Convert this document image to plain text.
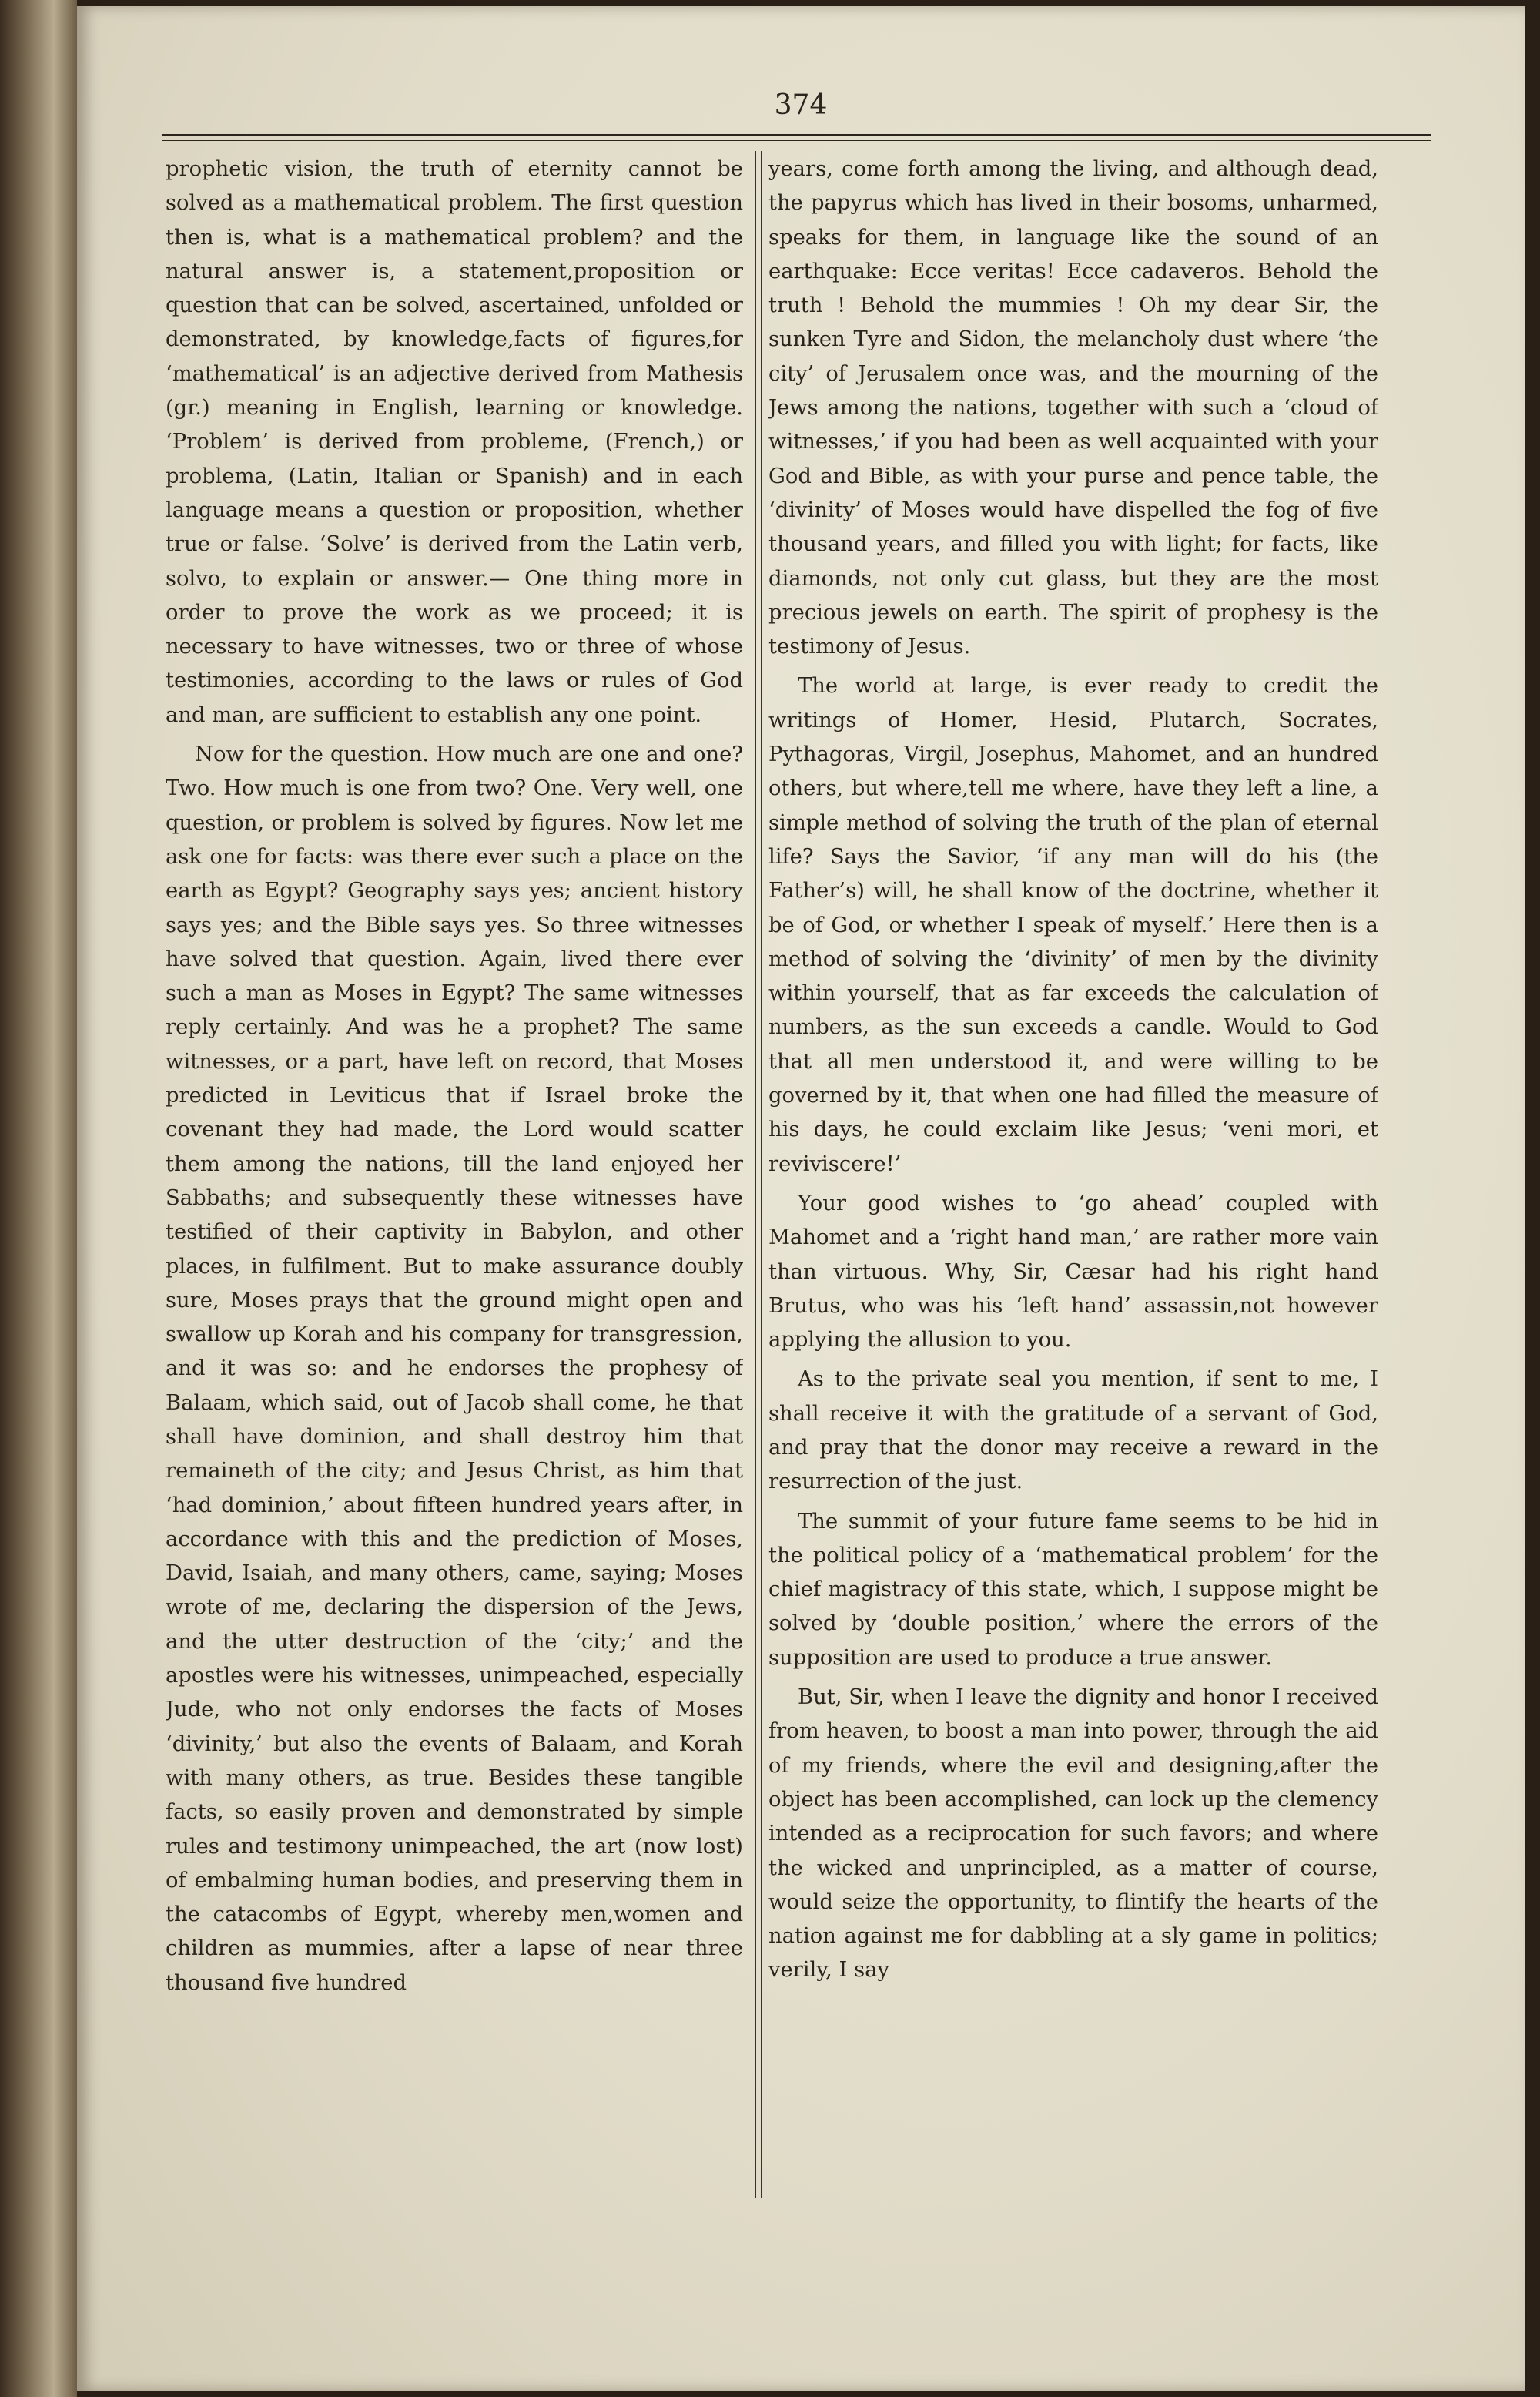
374

prophetic vision, the truth of eternity cannot be solved as a mathematical problem. The first question then is, what is a mathematical problem? and the natural answer is, a statement,proposition or question that can be solved, ascertained, unfolded or demonstrated, by knowledge,facts of figures,for ‘mathematical’ is an adjective derived from Mathesis (gr.) meaning in English, learning or knowledge. ‘Problem’ is derived from probleme, (French,) or problema, (Latin, Italian or Spanish) and in each language means a question or proposition, whether true or false. ‘Solve’ is derived from the Latin verb, solvo, to explain or answer.— One thing more in order to prove the work as we proceed; it is necessary to have witnesses, two or three of whose testimonies, according to the laws or rules of God and man, are sufficient to establish any one point.

Now for the question. How much are one and one? Two. How much is one from two? One. Very well, one question, or problem is solved by figures. Now let me ask one for facts: was there ever such a place on the earth as Egypt? Geography says yes; ancient history says yes; and the Bible says yes. So three witnesses have solved that question. Again, lived there ever such a man as Moses in Egypt? The same witnesses reply certainly. And was he a prophet? The same witnesses, or a part, have left on record, that Moses predicted in Leviticus that if Israel broke the covenant they had made, the Lord would scatter them among the nations, till the land enjoyed her Sabbaths; and subsequently these witnesses have testified of their captivity in Babylon, and other places, in fulfilment. But to make assurance doubly sure, Moses prays that the ground might open and swallow up Korah and his company for transgression, and it was so: and he endorses the prophesy of Balaam, which said, out of Jacob shall come, he that shall have dominion, and shall destroy him that remaineth of the city; and Jesus Christ, as him that ‘had dominion,’ about fifteen hundred years after, in accordance with this and the prediction of Moses, David, Isaiah, and many others, came, saying; Moses wrote of me, declaring the dispersion of the Jews, and the utter destruction of the ‘city;’ and the apostles were his witnesses, unimpeached, especially Jude, who not only endorses the facts of Moses ‘divinity,’ but also the events of Balaam, and Korah with many others, as true. Besides these tangible facts, so easily proven and demonstrated by simple rules and testimony unimpeached, the art (now lost) of embalming human bodies, and preserving them in the catacombs of Egypt, whereby men,women and children as mummies, after a lapse of near three thousand five hundred

years, come forth among the living, and although dead, the papyrus which has lived in their bosoms, unharmed, speaks for them, in language like the sound of an earthquake: Ecce veritas! Ecce cadaveros. Behold the truth ! Behold the mummies ! Oh my dear Sir, the sunken Tyre and Sidon, the melancholy dust where ‘the city’ of Jerusalem once was, and the mourning of the Jews among the nations, together with such a ‘cloud of witnesses,’ if you had been as well acquainted with your God and Bible, as with your purse and pence table, the ‘divinity’ of Moses would have dispelled the fog of five thousand years, and filled you with light; for facts, like diamonds, not only cut glass, but they are the most precious jewels on earth. The spirit of prophesy is the testimony of Jesus.

The world at large, is ever ready to credit the writings of Homer, Hesid, Plutarch, Socrates, Pythagoras, Virgil, Josephus, Mahomet, and an hundred others, but where,tell me where, have they left a line, a simple method of solving the truth of the plan of eternal life? Says the Savior, ‘if any man will do his (the Father’s) will, he shall know of the doctrine, whether it be of God, or whether I speak of myself.’ Here then is a method of solving the ‘divinity’ of men by the divinity within yourself, that as far exceeds the calculation of numbers, as the sun exceeds a candle. Would to God that all men understood it, and were willing to be governed by it, that when one had filled the measure of his days, he could exclaim like Jesus; ‘veni mori, et reviviscere!’

Your good wishes to ‘go ahead’ coupled with Mahomet and a ‘right hand man,’ are rather more vain than virtuous. Why, Sir, Cæsar had his right hand Brutus, who was his ‘left hand’ assassin,not however applying the allusion to you.

As to the private seal you mention, if sent to me, I shall receive it with the gratitude of a servant of God, and pray that the donor may receive a reward in the resurrection of the just.

The summit of your future fame seems to be hid in the political policy of a ‘mathematical problem’ for the chief magistracy of this state, which, I suppose might be solved by ‘double position,’ where the errors of the supposition are used to produce a true answer.

But, Sir, when I leave the dignity and honor I received from heaven, to boost a man into power, through the aid of my friends, where the evil and designing,after the object has been accomplished, can lock up the clemency intended as a reciprocation for such favors; and where the wicked and unprincipled, as a matter of course, would seize the opportunity, to flintify the hearts of the nation against me for dabbling at a sly game in politics; verily, I say
